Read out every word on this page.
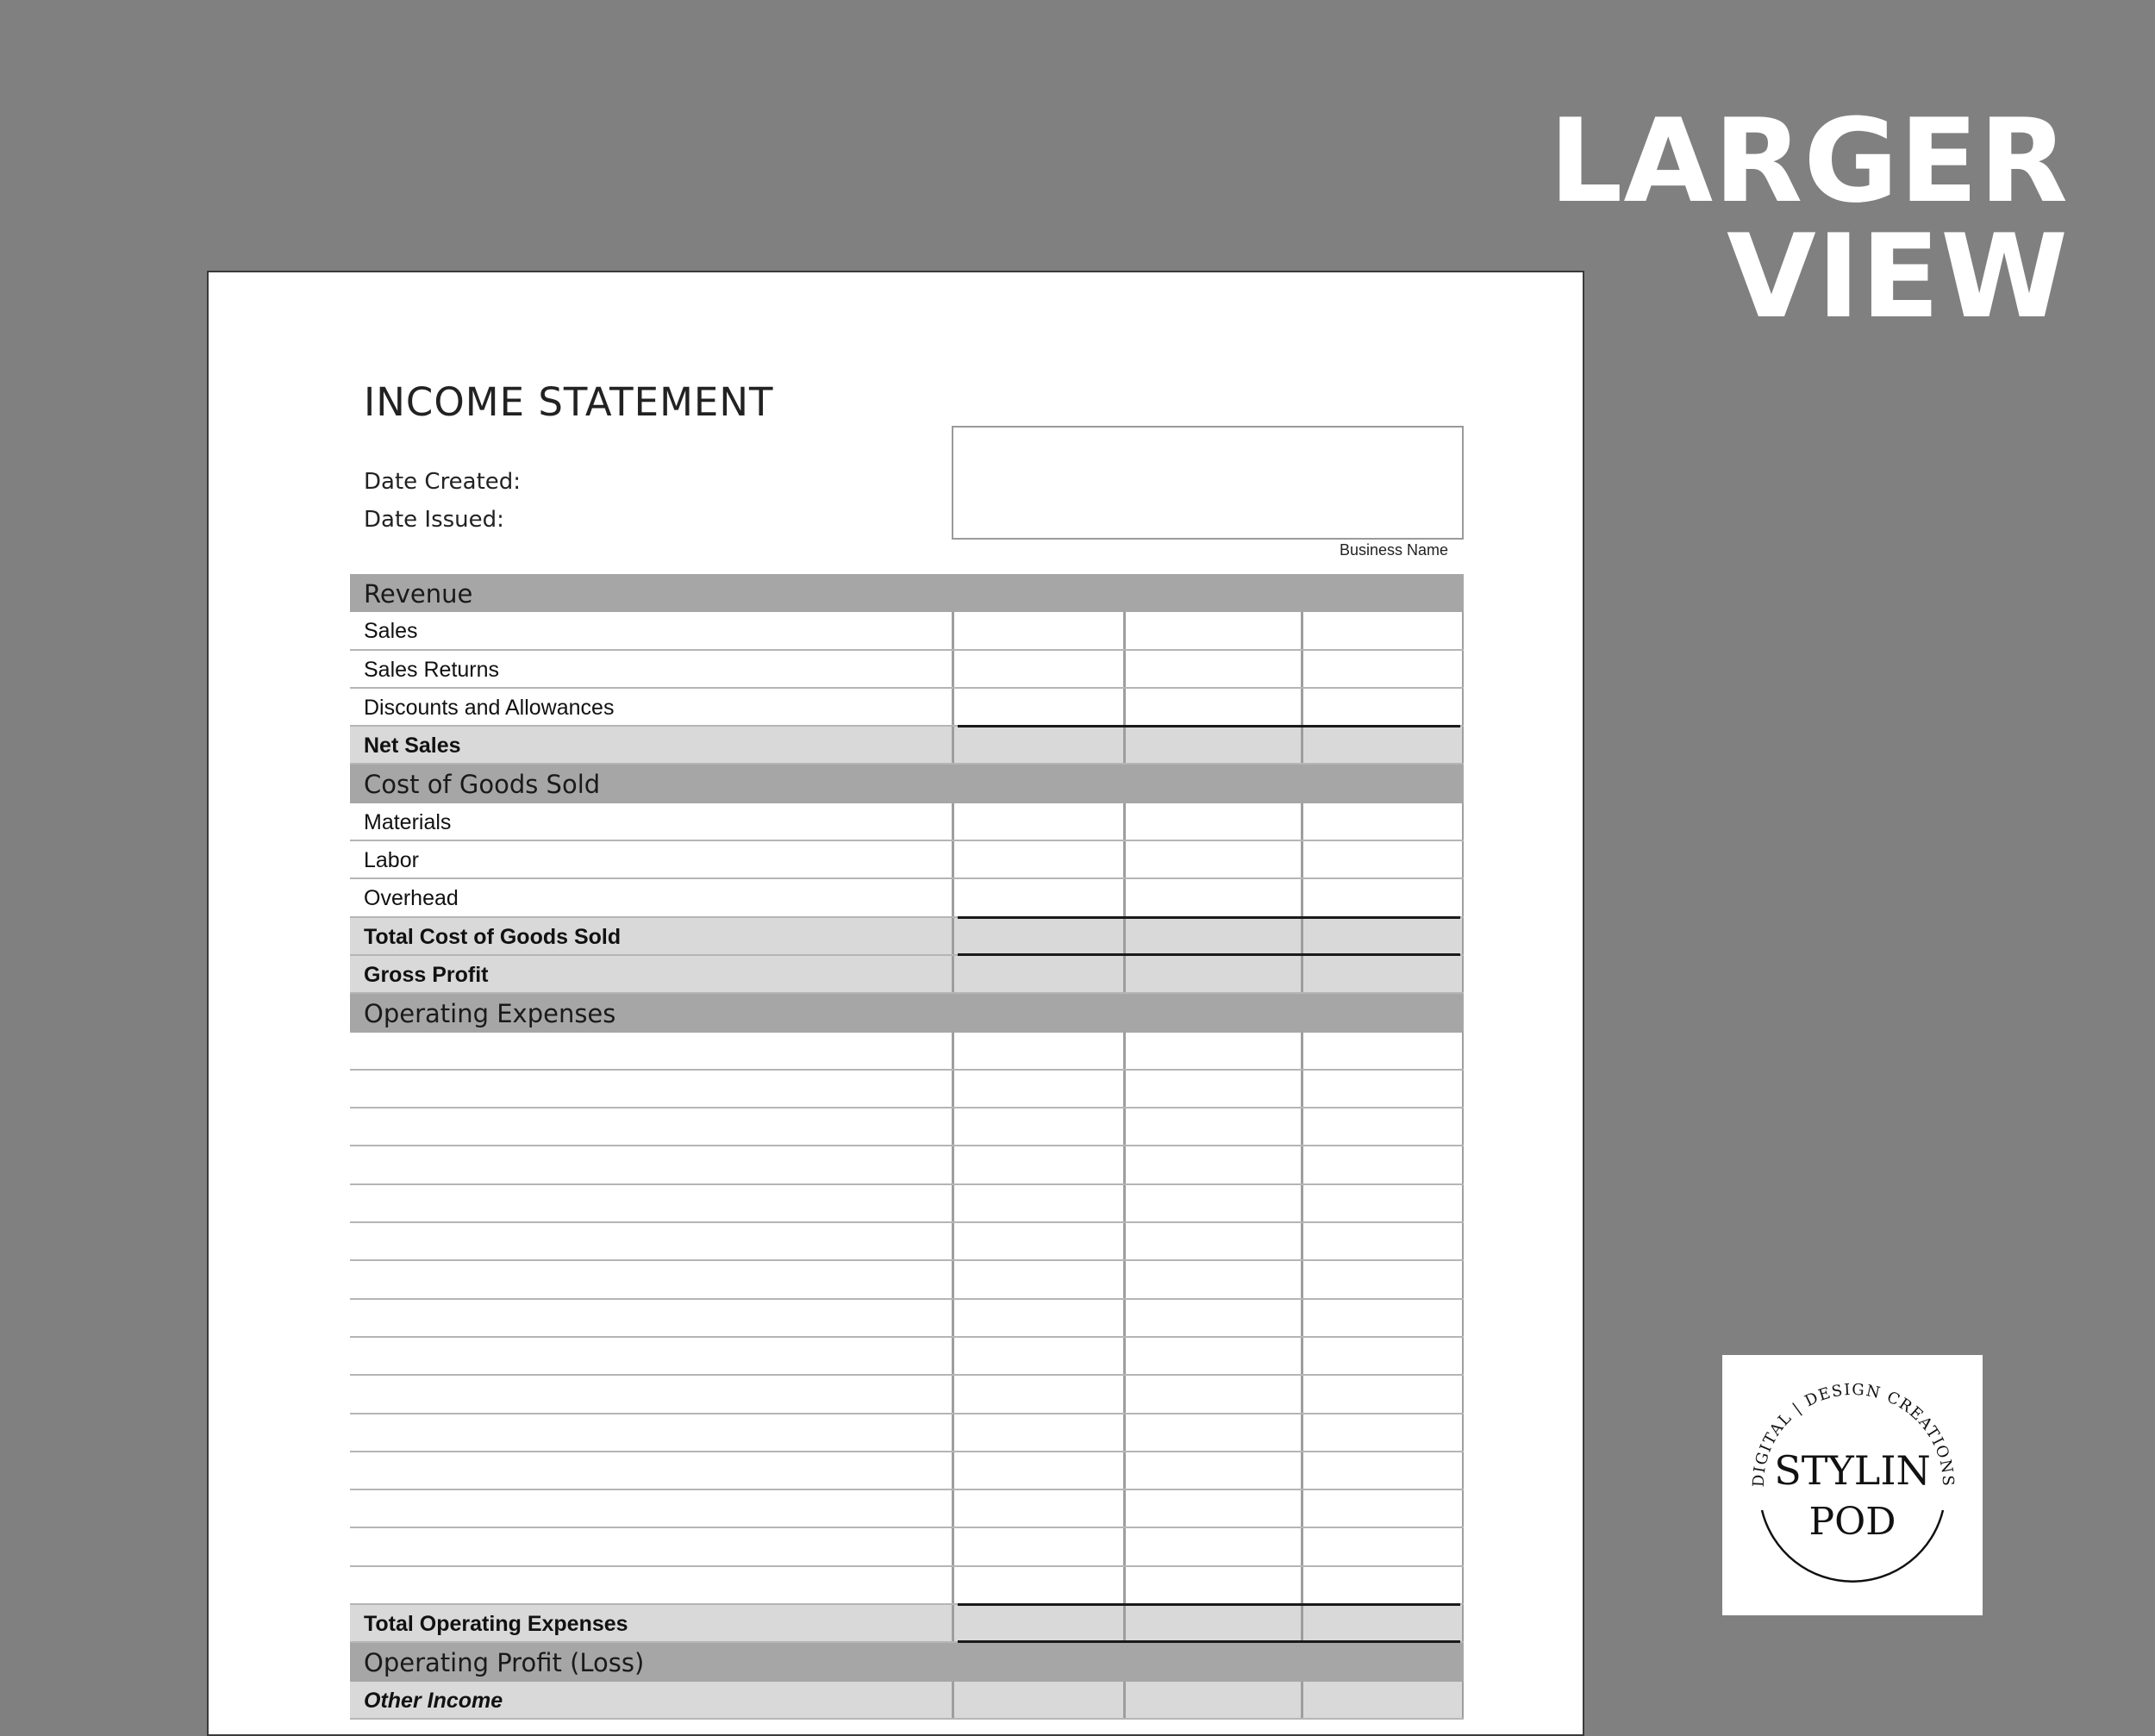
LARGER VIEW
INCOME STATEMENT
Date Created:
Date Issued:
Business Name
Revenue
Sales
Sales Returns
Discounts and Allowances
Net Sales
Cost of Goods Sold
Materials
Labor
Overhead
Total Cost of Goods Sold
Gross Profit
Operating Expenses
Total Operating Expenses
Operating Profit (Loss)
Other Income
DIGITAL | DESIGN CREATIONS
STYLIN
POD
